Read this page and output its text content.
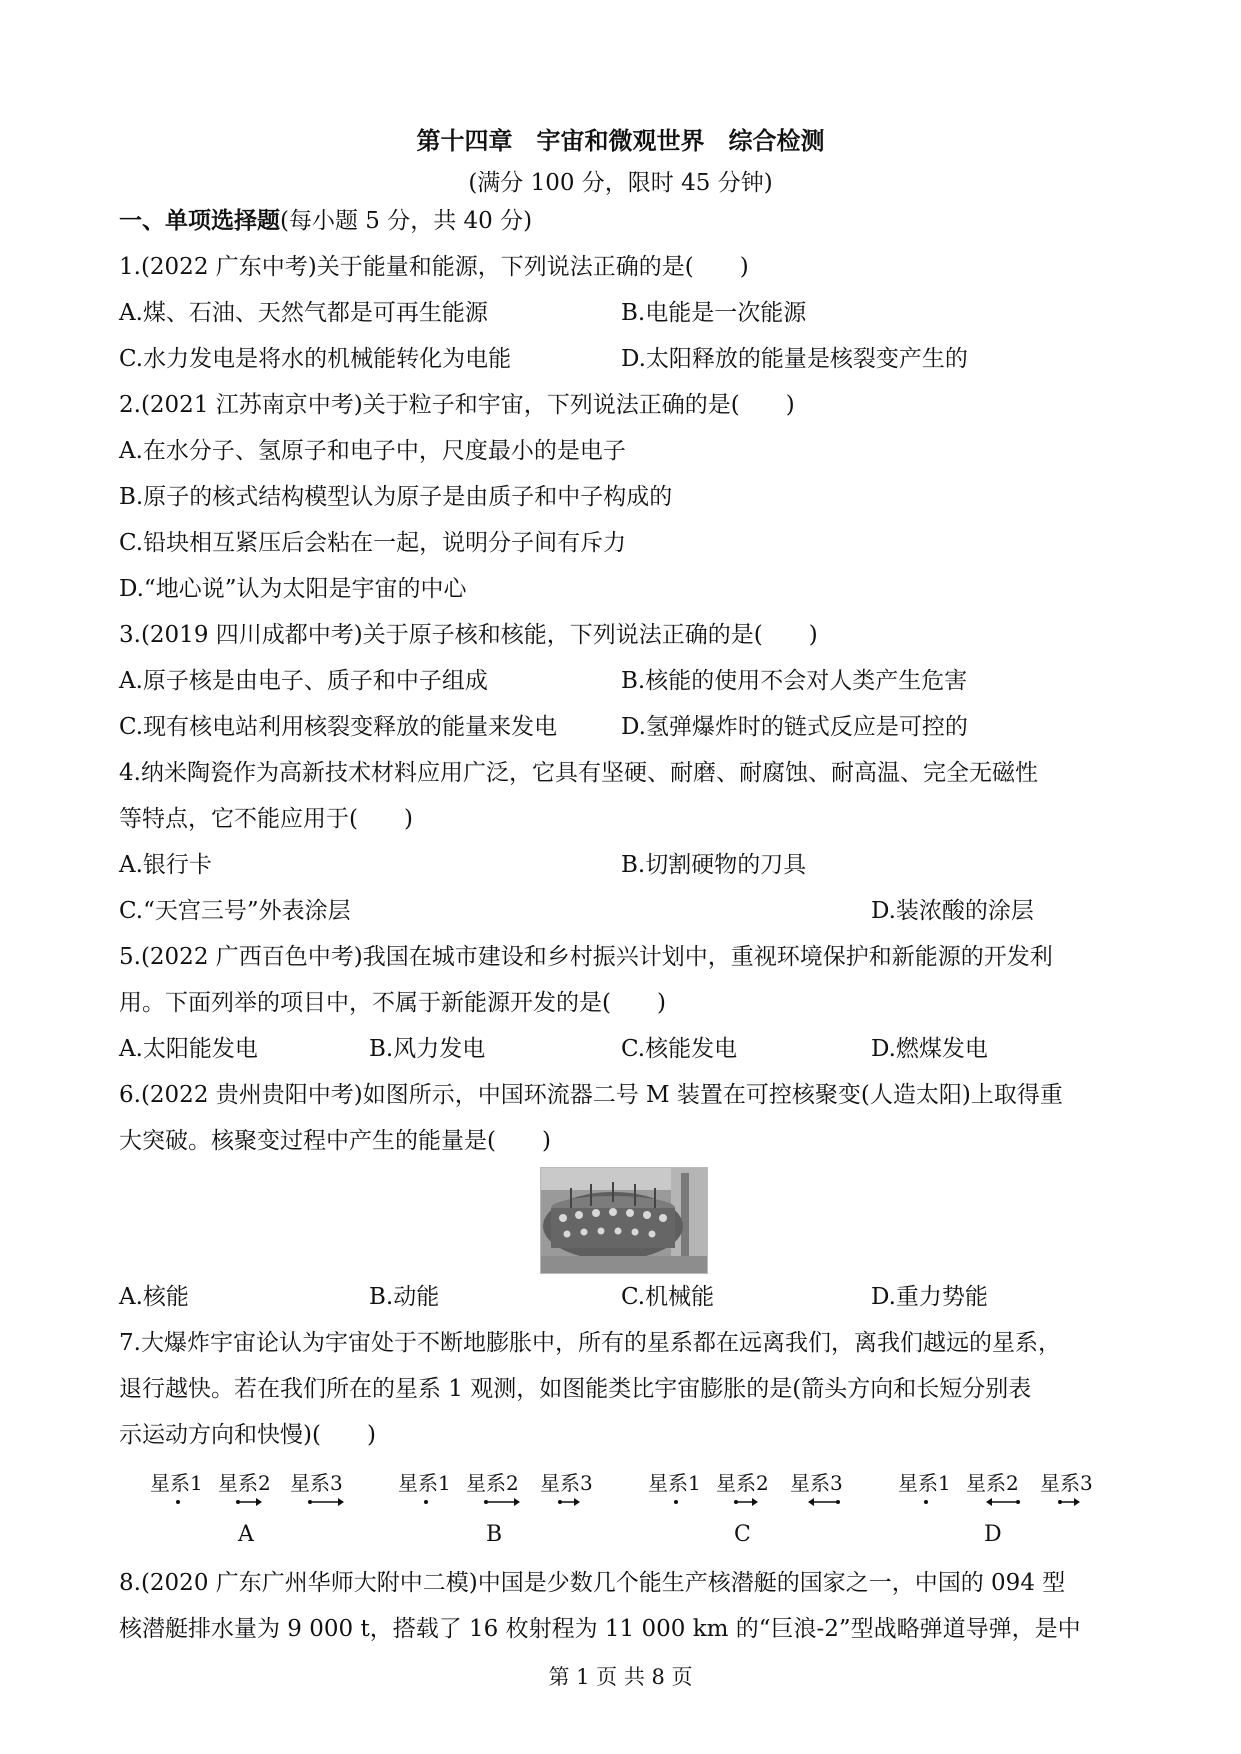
第十四章　宇宙和微观世界　综合检测
(满分 100 分，限时 45 分钟)
一、单项选择题(每小题 5 分，共 40 分)
1.(2022 广东中考)关于能量和能源，下列说法正确的是(　　)
A.煤、石油、天然气都是可再生能源	B.电能是一次能源
C.水力发电是将水的机械能转化为电能	D.太阳释放的能量是核裂变产生的
2.(2021 江苏南京中考)关于粒子和宇宙，下列说法正确的是(　　)
A.在水分子、氢原子和电子中，尺度最小的是电子
B.原子的核式结构模型认为原子是由质子和中子构成的
C.铅块相互紧压后会粘在一起，说明分子间有斥力
D.“地心说”认为太阳是宇宙的中心
3.(2019 四川成都中考)关于原子核和核能，下列说法正确的是(　　)
A.原子核是由电子、质子和中子组成	B.核能的使用不会对人类产生危害
C.现有核电站利用核裂变释放的能量来发电	D.氢弹爆炸时的链式反应是可控的
4.纳米陶瓷作为高新技术材料应用广泛，它具有坚硬、耐磨、耐腐蚀、耐高温、完全无磁性
等特点，它不能应用于(　　)
A.银行卡	B.切割硬物的刀具
C.“天宫三号”外表涂层	D.装浓酸的涂层
5.(2022 广西百色中考)我国在城市建设和乡村振兴计划中，重视环境保护和新能源的开发利
用。下面列举的项目中，不属于新能源开发的是(　　)
A.太阳能发电	B.风力发电	C.核能发电	D.燃煤发电
6.(2022 贵州贵阳中考)如图所示，中国环流器二号 M 装置在可控核聚变(人造太阳)上取得重
大突破。核聚变过程中产生的能量是(　　)
A.核能	B.动能	C.机械能	D.重力势能
7.大爆炸宇宙论认为宇宙处于不断地膨胀中，所有的星系都在远离我们，离我们越远的星系，
退行越快。若在我们所在的星系 1 观测，如图能类比宇宙膨胀的是(箭头方向和长短分别表
示运动方向和快慢)(　　)
星系1 星系2 星系3
A
星系1 星系2 星系3
B
星系1 星系2 星系3
C
星系1 星系2 星系3
D
8.(2020 广东广州华师大附中二模)中国是少数几个能生产核潜艇的国家之一，中国的 094 型
核潜艇排水量为 9 000 t，搭载了 16 枚射程为 11 000 km 的“巨浪-2”型战略弹道导弹，是中
第 1 页 共 8 页
